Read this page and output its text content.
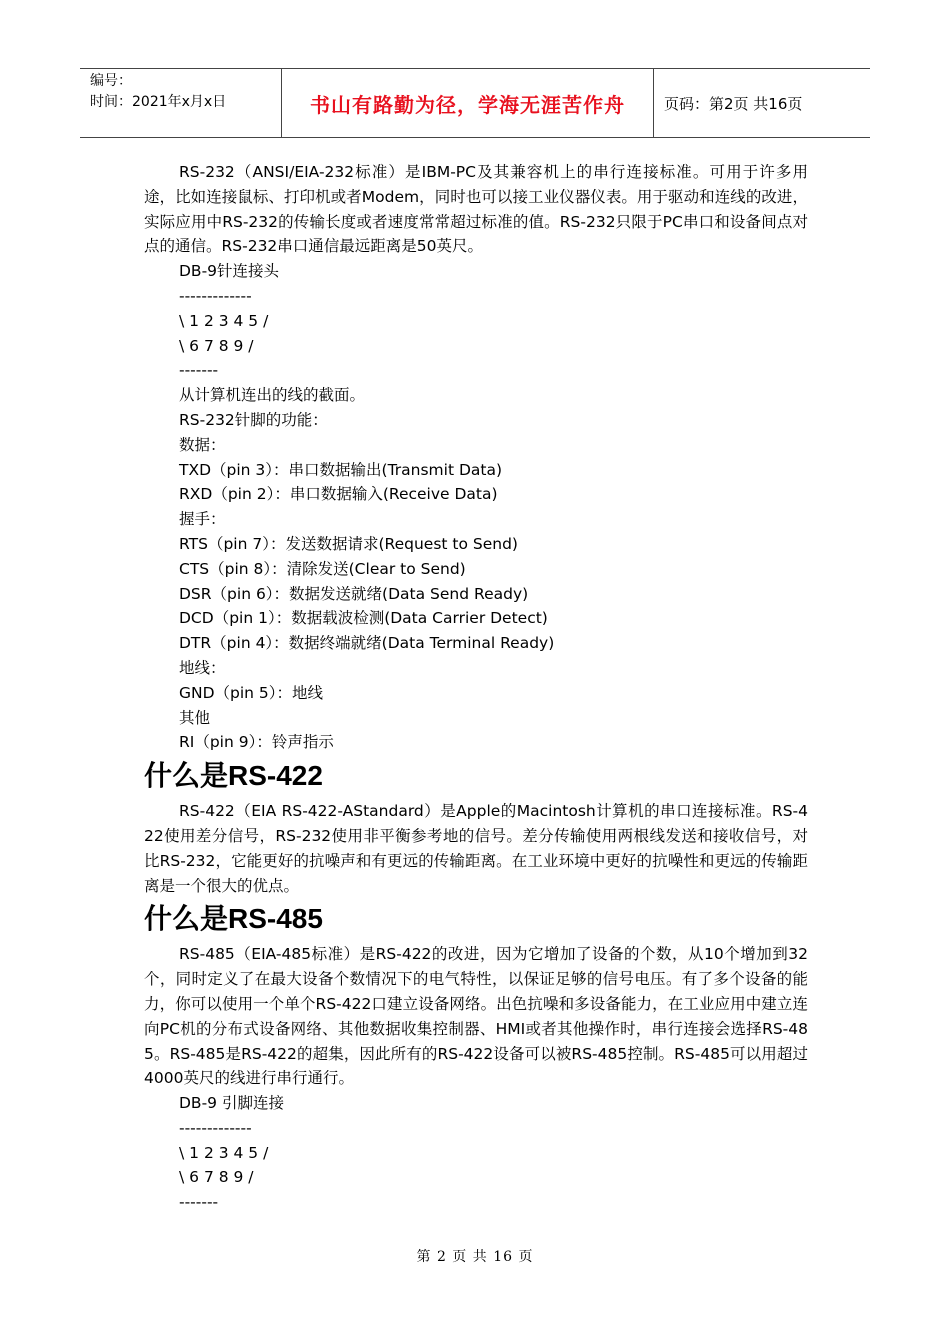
编号：
时间：2021年x月x日	书山有路勤为径，学海无涯苦作舟	页码：第2页 共16页

RS-232（ANSI/EIA-232标准）是IBM-PC及其兼容机上的串行连接标准。可用于许多用途，比如连接鼠标、打印机或者Modem，同时也可以接工业仪器仪表。用于驱动和连线的改进，实际应用中RS-232的传输长度或者速度常常超过标准的值。RS-232只限于PC串口和设备间点对点的通信。RS-232串口通信最远距离是50英尺。

DB-9针连接头
-------------
\ 1 2 3 4 5 /
\ 6 7 8 9 /
-------
从计算机连出的线的截面。
RS-232针脚的功能：
数据：
TXD（pin 3）：串口数据输出(Transmit Data)
RXD（pin 2）：串口数据输入(Receive Data)
握手：
RTS（pin 7）：发送数据请求(Request to Send)
CTS（pin 8）：清除发送(Clear to Send)
DSR（pin 6）：数据发送就绪(Data Send Ready)
DCD（pin 1）：数据载波检测(Data Carrier Detect)
DTR（pin 4）：数据终端就绪(Data Terminal Ready)
地线：
GND（pin 5）：地线
其他
RI（pin 9）：铃声指示
什么是RS-422

RS-422（EIA RS-422-AStandard）是Apple的Macintosh计算机的串口连接标准。RS-422使用差分信号，RS-232使用非平衡参考地的信号。差分传输使用两根线发送和接收信号，对比RS-232，它能更好的抗噪声和有更远的传输距离。在工业环境中更好的抗噪性和更远的传输距离是一个很大的优点。

什么是RS-485

RS-485（EIA-485标准）是RS-422的改进，因为它增加了设备的个数，从10个增加到32个，同时定义了在最大设备个数情况下的电气特性，以保证足够的信号电压。有了多个设备的能力，你可以使用一个单个RS-422口建立设备网络。出色抗噪和多设备能力，在工业应用中建立连向PC机的分布式设备网络、其他数据收集控制器、HMI或者其他操作时，串行连接会选择RS-485。RS-485是RS-422的超集，因此所有的RS-422设备可以被RS-485控制。RS-485可以用超过4000英尺的线进行串行通行。

DB-9 引脚连接
-------------
\ 1 2 3 4 5 /
\ 6 7 8 9 /
-------
第 2 页 共 16 页
